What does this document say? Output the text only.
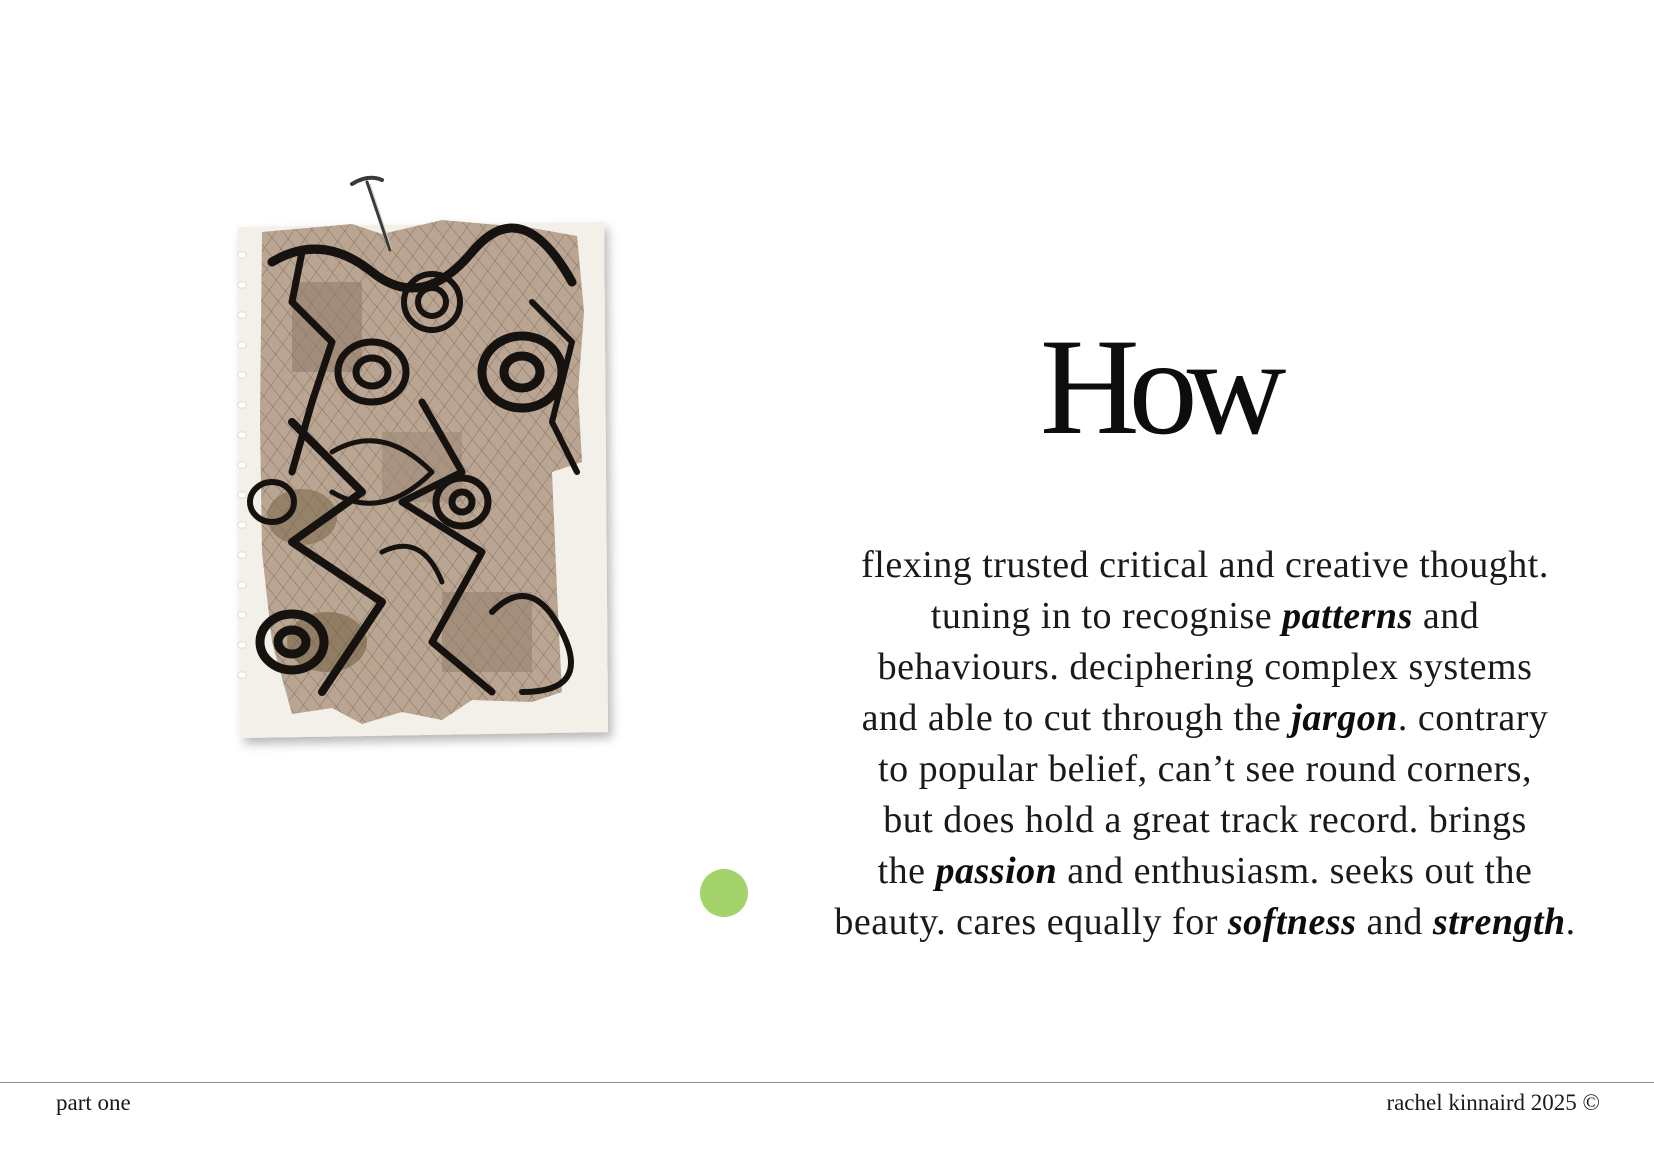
How

flexing trusted critical and creative thought.
tuning in to recognise patterns and
behaviours. deciphering complex systems
and able to cut through the jargon. contrary
to popular belief, can’t see round corners,
but does hold a great track record. brings
the passion and enthusiasm. seeks out the
beauty. cares equally for softness and strength.

part one	rachel kinnaird 2025 ©
